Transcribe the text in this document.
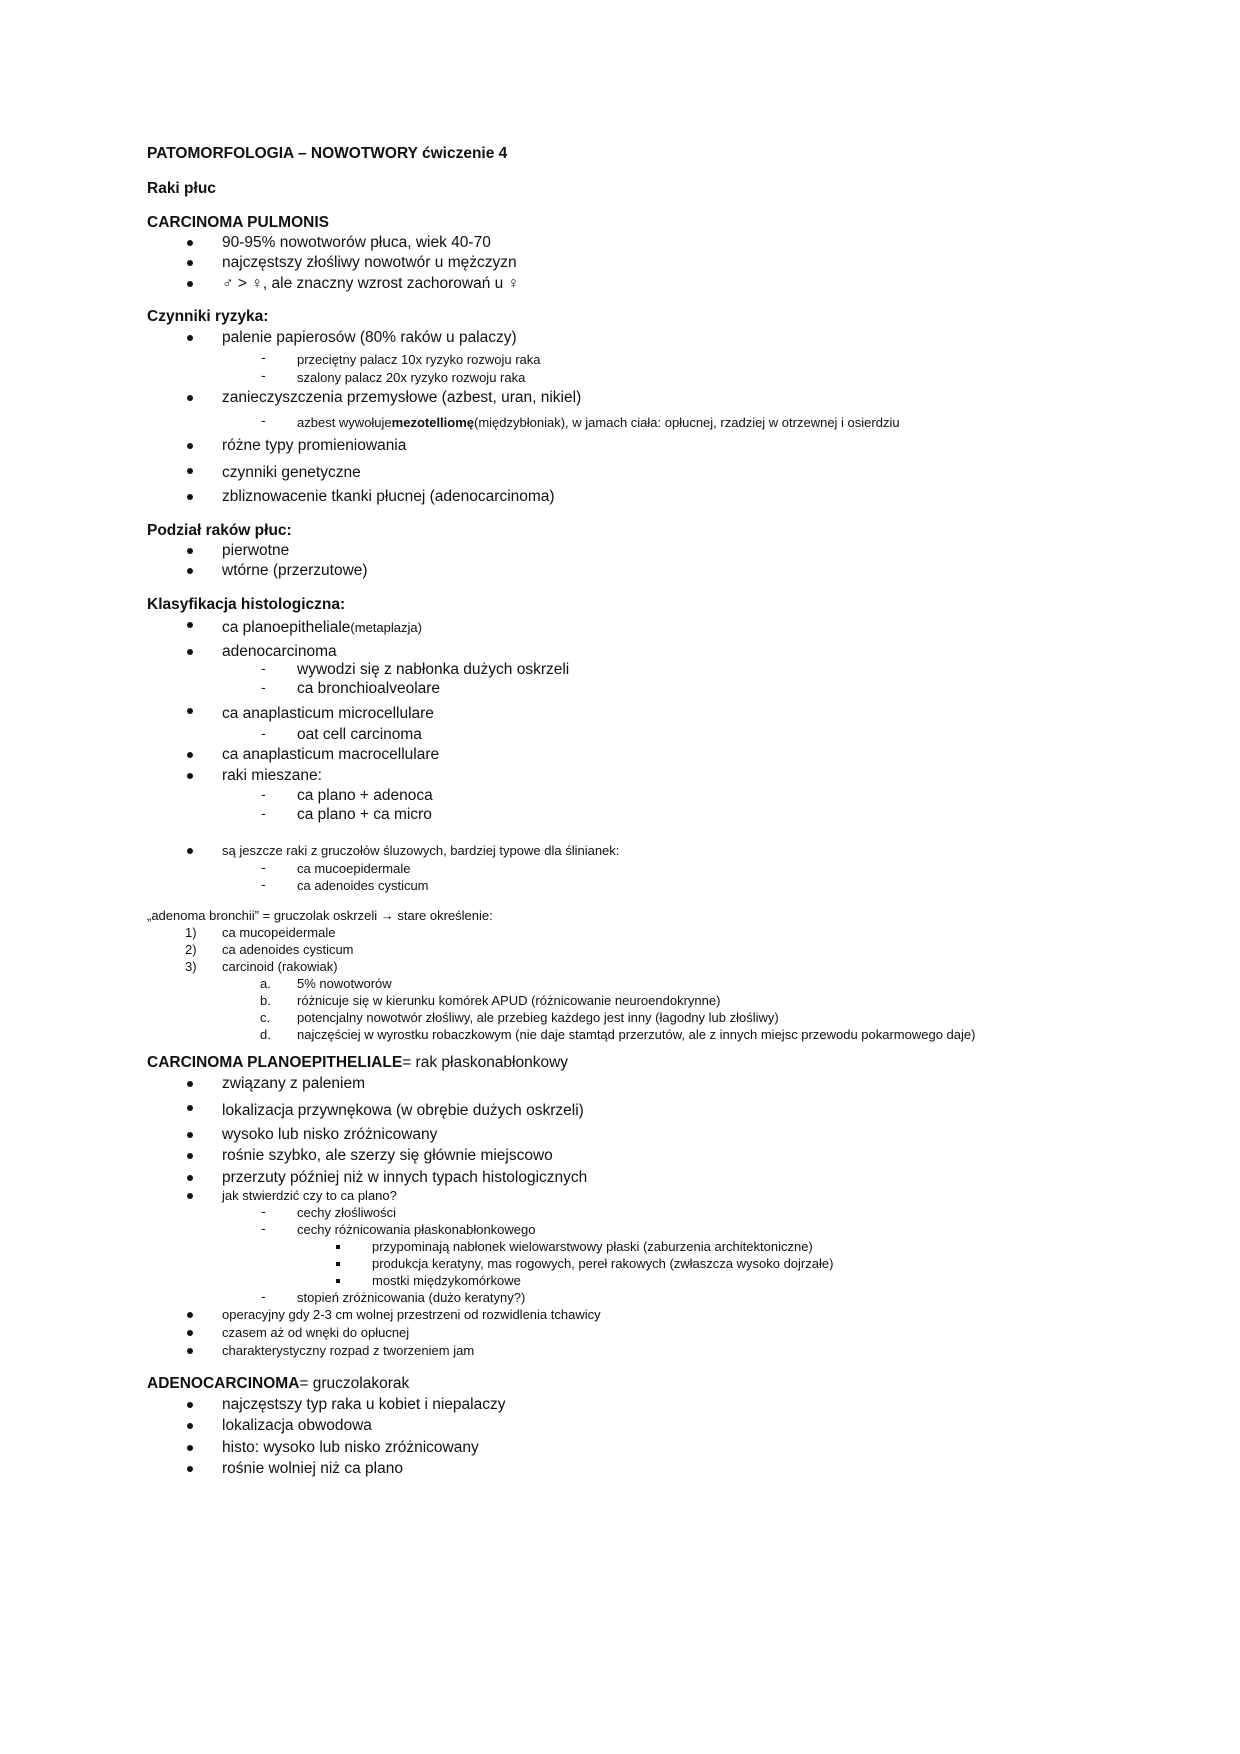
PATOMORFOLOGIA – NOWOTWORY ćwiczenie 4
Raki płuc
CARCINOMA PULMONIS
90-95% nowotworów płuca, wiek 40-70
najczęstszy złośliwy nowotwór u mężczyzn
♂ > ♀, ale znaczny wzrost zachorowań u ♀
Czynniki ryzyka:
palenie papierosów (80% raków u palaczy)
- przeciętny palacz 10x ryzyko rozwoju raka
- szalony palacz 20x ryzyko rozwoju raka
zanieczyszczenia przemysłowe (azbest, uran, nikiel)
- azbest wywołujemezotelliomę(międzybłoniak), w jamach ciała: opłucnej, rzadziej w otrzewnej i osierdziu
różne typy promieniowania
czynniki genetyczne
zbliznowacenie tkanki płucnej (adenocarcinoma)
Podział raków płuc:
pierwotne
wtórne (przerzutowe)
Klasyfikacja histologiczna:
ca planoepitheliale(metaplazja)
adenocarcinoma
- wywodzi się z nabłonka dużych oskrzeli
- ca bronchioalveolare
ca anaplasticum microcellulare
- oat cell carcinoma
ca anaplasticum macrocellulare
raki mieszane:
- ca plano + adenoca
- ca plano + ca micro
są jeszcze raki z gruczołów śluzowych, bardziej typowe dla ślinianek:
- ca mucoepidermale
- ca adenoides cysticum
„adenoma bronchii” = gruczolak oskrzeli → stare określenie:
1) ca mucopeidermale
2) ca adenoides cysticum
3) carcinoid (rakowiak)
a. 5% nowotworów
b. różnicuje się w kierunku komórek APUD (różnicowanie neuroendokrynne)
c. potencjalny nowotwór złośliwy, ale przebieg każdego jest inny (łagodny lub złośliwy)
d. najczęściej w wyrostku robaczkowym (nie daje stamtąd przerzutów, ale z innych miejsc przewodu pokarmowego daje)
CARCINOMA PLANOEPITHELIALE= rak płaskonabłonkowy
związany z paleniem
lokalizacja przywnękowa (w obrębie dużych oskrzeli)
wysoko lub nisko zróżnicowany
rośnie szybko, ale szerzy się głównie miejscowo
przerzuty później niż w innych typach histologicznych
jak stwierdzić czy to ca plano?
- cechy złośliwości
- cechy różnicowania płaskonabłonkowego
przypominają nabłonek wielowarstwowy płaski (zaburzenia architektoniczne)
produkcja keratyny, mas rogowych, pereł rakowych (zwłaszcza wysoko dojrzałe)
mostki międzykomórkowe
- stopień zróżnicowania (dużo keratyny?)
operacyjny gdy 2-3 cm wolnej przestrzeni od rozwidlenia tchawicy
czasem aż od wnęki do opłucnej
charakterystyczny rozpad z tworzeniem jam
ADENOCARCINOMA= gruczolakorak
najczęstszy typ raka u kobiet i niepalaczy
lokalizacja obwodowa
histo: wysoko lub nisko zróżnicowany
rośnie wolniej niż ca plano
